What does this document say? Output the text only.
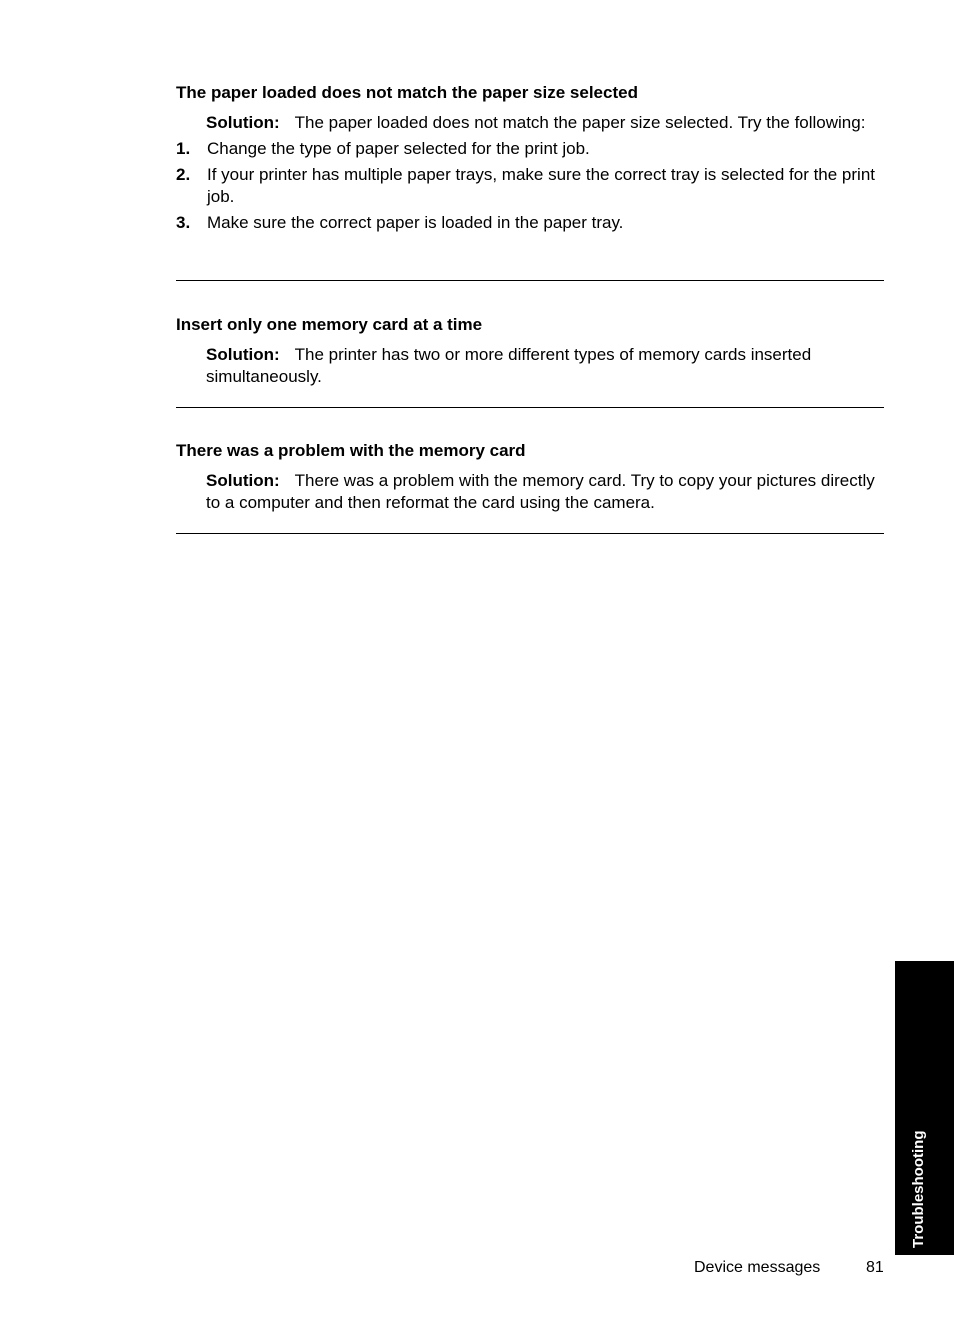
The paper loaded does not match the paper size selected
Solution: The paper loaded does not match the paper size selected. Try the following:
1. Change the type of paper selected for the print job.
2. If your printer has multiple paper trays, make sure the correct tray is selected for the print job.
3. Make sure the correct paper is loaded in the paper tray.
Insert only one memory card at a time
Solution: The printer has two or more different types of memory cards inserted simultaneously.
There was a problem with the memory card
Solution: There was a problem with the memory card. Try to copy your pictures directly to a computer and then reformat the card using the camera.
Troubleshooting
Device messages	81
